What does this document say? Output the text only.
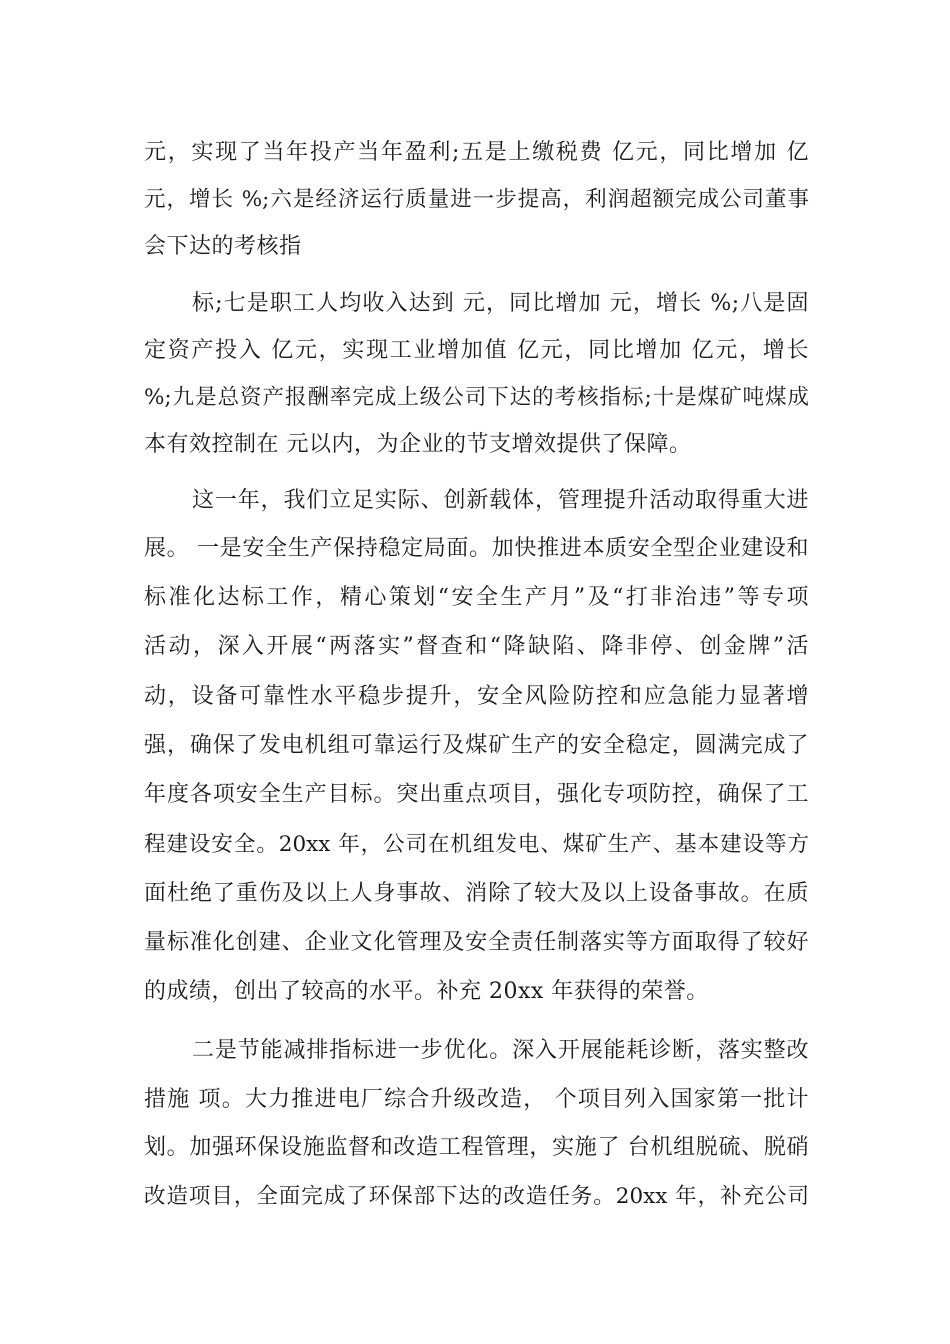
元，实现了当年投产当年盈利;五是上缴税费 亿元，同比增加 亿

元，增长 %;六是经济运行质量进一步提高，利润超额完成公司董事

会下达的考核指

标;七是职工人均收入达到 元，同比增加 元，增长 %;八是固

定资产投入 亿元，实现工业增加值 亿元，同比增加 亿元，增长

%;九是总资产报酬率完成上级公司下达的考核指标;十是煤矿吨煤成

本有效控制在 元以内，为企业的节支增效提供了保障。

这一年，我们立足实际、创新载体，管理提升活动取得重大进

展。 一是安全生产保持稳定局面。加快推进本质安全型企业建设和

标准化达标工作，精心策划“安全生产月”及“打非治违”等专项

活动，深入开展“两落实”督查和“降缺陷、降非停、创金牌”活

动，设备可靠性水平稳步提升，安全风险防控和应急能力显著增

强，确保了发电机组可靠运行及煤矿生产的安全稳定，圆满完成了

年度各项安全生产目标。突出重点项目，强化专项防控，确保了工

程建设安全。20xx 年，公司在机组发电、煤矿生产、基本建设等方

面杜绝了重伤及以上人身事故、消除了较大及以上设备事故。在质

量标准化创建、企业文化管理及安全责任制落实等方面取得了较好

的成绩，创出了较高的水平。补充 20xx 年获得的荣誉。

二是节能减排指标进一步优化。深入开展能耗诊断，落实整改

措施 项。大力推进电厂综合升级改造， 个项目列入国家第一批计

划。加强环保设施监督和改造工程管理，实施了 台机组脱硫、脱硝

改造项目，全面完成了环保部下达的改造任务。20xx 年，补充公司
